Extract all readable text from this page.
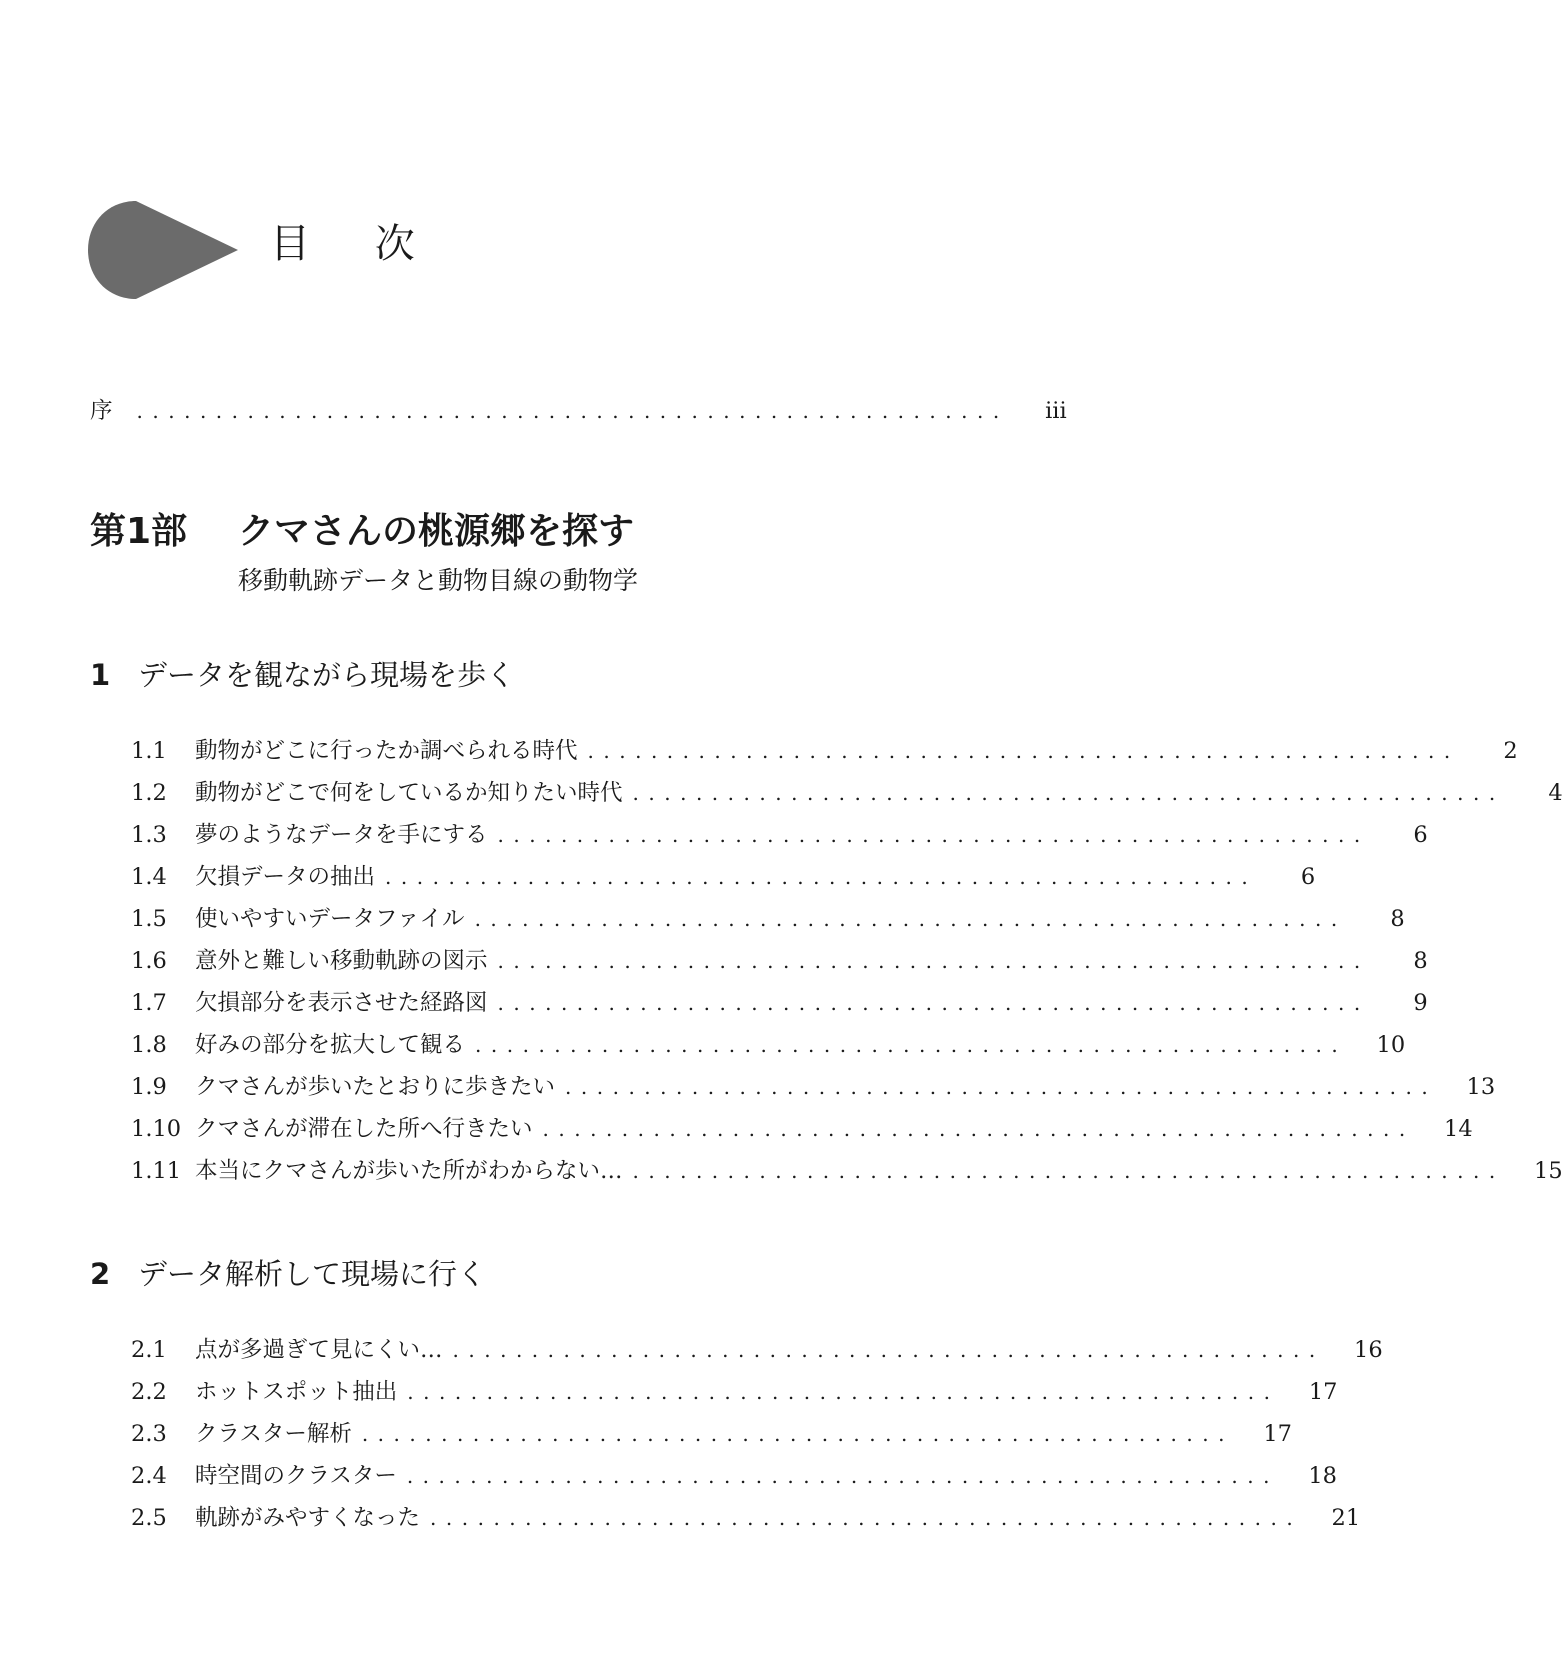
目 次
序	.......................................................	iii
第1部 クマさんの桃源郷を探す
移動軌跡データと動物目線の動物学
1 データを観ながら現場を歩く
1.1	動物がどこに行ったか調べられる時代 .......................................................	2
1.2	動物がどこで何をしているか知りたい時代 .......................................................	4
1.3	夢のようなデータを手にする .......................................................	6
1.4	欠損データの抽出 .......................................................	6
1.5	使いやすいデータファイル .......................................................	8
1.6	意外と難しい移動軌跡の図示 .......................................................	8
1.7	欠損部分を表示させた経路図 .......................................................	9
1.8	好みの部分を拡大して観る .......................................................	10
1.9	クマさんが歩いたとおりに歩きたい .......................................................	13
1.10 クマさんが滞在した所へ行きたい .......................................................	14
1.11 本当にクマさんが歩いた所がわからない… .......................................................	15
2 データ解析して現場に行く
2.1	点が多過ぎて見にくい… .......................................................	16
2.2	ホットスポット抽出 .......................................................	17
2.3	クラスター解析 .......................................................	17
2.4	時空間のクラスター .......................................................	18
2.5	軌跡がみやすくなった .......................................................	21
